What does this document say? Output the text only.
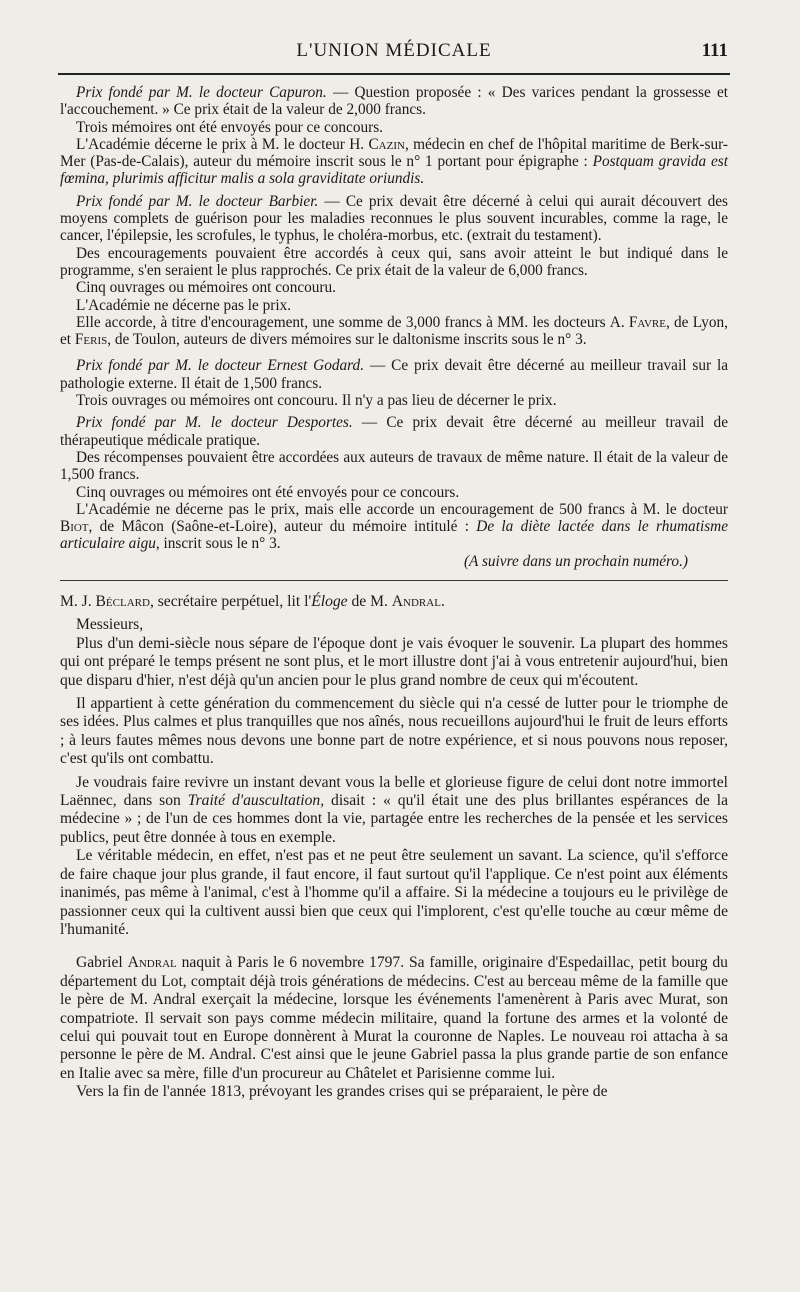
L'UNION MÉDICALE	111

Prix fondé par M. le docteur Capuron. — Question proposée : « Des varices pendant la grossesse et l'accouchement. » Ce prix était de la valeur de 2,000 francs.

Trois mémoires ont été envoyés pour ce concours.

L'Académie décerne le prix à M. le docteur H. Cazin, médecin en chef de l'hôpital maritime de Berk-sur-Mer (Pas-de-Calais), auteur du mémoire inscrit sous le n° 1 portant pour épigraphe : Postquam gravida est fœmina, plurimis afficitur malis a sola graviditate oriundis.

Prix fondé par M. le docteur Barbier. — Ce prix devait être décerné à celui qui aurait découvert des moyens complets de guérison pour les maladies reconnues le plus souvent incurables, comme la rage, le cancer, l'épilepsie, les scrofules, le typhus, le choléra-morbus, etc. (extrait du testament).

Des encouragements pouvaient être accordés à ceux qui, sans avoir atteint le but indiqué dans le programme, s'en seraient le plus rapprochés. Ce prix était de la valeur de 6,000 francs.

Cinq ouvrages ou mémoires ont concouru.

L'Académie ne décerne pas le prix.

Elle accorde, à titre d'encouragement, une somme de 3,000 francs à MM. les docteurs A. Favre, de Lyon, et Feris, de Toulon, auteurs de divers mémoires sur le daltonisme inscrits sous le n° 3.

Prix fondé par M. le docteur Ernest Godard. — Ce prix devait être décerné au meilleur travail sur la pathologie externe. Il était de 1,500 francs.

Trois ouvrages ou mémoires ont concouru. Il n'y a pas lieu de décerner le prix.

Prix fondé par M. le docteur Desportes. — Ce prix devait être décerné au meilleur travail de thérapeutique médicale pratique.

Des récompenses pouvaient être accordées aux auteurs de travaux de même nature. Il était de la valeur de 1,500 francs.

Cinq ouvrages ou mémoires ont été envoyés pour ce concours.

L'Académie ne décerne pas le prix, mais elle accorde un encouragement de 500 francs à M. le docteur Biot, de Mâcon (Saône-et-Loire), auteur du mémoire intitulé : De la diète lactée dans le rhumatisme articulaire aigu, inscrit sous le n° 3.

(A suivre dans un prochain numéro.)

M. J. Béclard, secrétaire perpétuel, lit l'Éloge de M. Andral.

Messieurs,

Plus d'un demi-siècle nous sépare de l'époque dont je vais évoquer le souvenir. La plupart des hommes qui ont préparé le temps présent ne sont plus, et le mort illustre dont j'ai à vous entretenir aujourd'hui, bien que disparu d'hier, n'est déjà qu'un ancien pour le plus grand nombre de ceux qui m'écoutent.

Il appartient à cette génération du commencement du siècle qui n'a cessé de lutter pour le triomphe de ses idées. Plus calmes et plus tranquilles que nos aînés, nous recueillons aujourd'hui le fruit de leurs efforts ; à leurs fautes mêmes nous devons une bonne part de notre expérience, et si nous pouvons nous reposer, c'est qu'ils ont combattu.

Je voudrais faire revivre un instant devant vous la belle et glorieuse figure de celui dont notre immortel Laënnec, dans son Traité d'auscultation, disait : « qu'il était une des plus brillantes espérances de la médecine » ; de l'un de ces hommes dont la vie, partagée entre les recherches de la pensée et les services publics, peut être donnée à tous en exemple.

Le véritable médecin, en effet, n'est pas et ne peut être seulement un savant. La science, qu'il s'efforce de faire chaque jour plus grande, il faut encore, il faut surtout qu'il l'applique. Ce n'est point aux éléments inanimés, pas même à l'animal, c'est à l'homme qu'il a affaire. Si la médecine a toujours eu le privilège de passionner ceux qui la cultivent aussi bien que ceux qui l'implorent, c'est qu'elle touche au cœur même de l'humanité.

Gabriel Andral naquit à Paris le 6 novembre 1797. Sa famille, originaire d'Espedaillac, petit bourg du département du Lot, comptait déjà trois générations de médecins. C'est au berceau même de la famille que le père de M. Andral exerçait la médecine, lorsque les événements l'amenèrent à Paris avec Murat, son compatriote. Il servait son pays comme médecin militaire, quand la fortune des armes et la volonté de celui qui pouvait tout en Europe donnèrent à Murat la couronne de Naples. Le nouveau roi attacha à sa personne le père de M. Andral. C'est ainsi que le jeune Gabriel passa la plus grande partie de son enfance en Italie avec sa mère, fille d'un procureur au Châtelet et Parisienne comme lui.

Vers la fin de l'année 1813, prévoyant les grandes crises qui se préparaient, le père de
